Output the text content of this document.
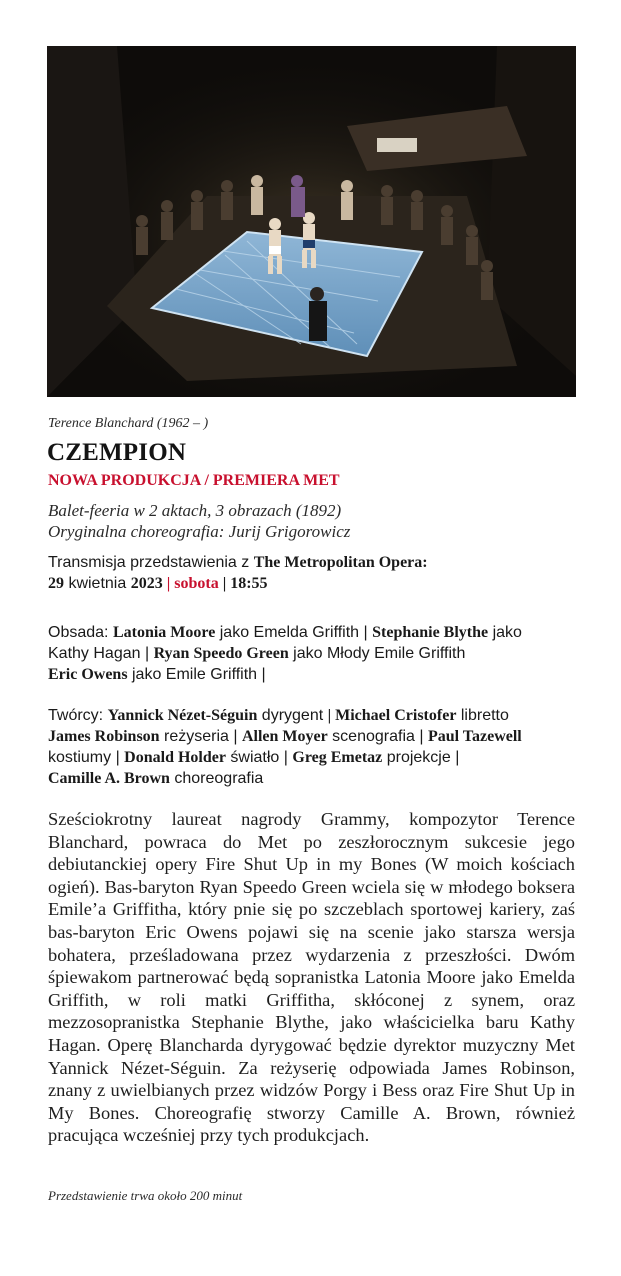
Terence Blanchard (1962 – )
CZEMPION
NOWA PRODUKCJA / PREMIERA MET
Balet-feeria w 2 aktach, 3 obrazach (1892)
Oryginalna choreografia: Jurij Grigorowicz
Transmisja przedstawienia z The Metropolitan Opera:
29 kwietnia 2023 | sobota | 18:55
Obsada: Latonia Moore jako Emelda Griffith | Stephanie Blythe jako
Kathy Hagan | Ryan Speedo Green jako Młody Emile Griffith
Eric Owens jako Emile Griffith |
Twórcy: Yannick Nézet-Séguin dyrygent | Michael Cristofer libretto
James Robinson reżyseria | Allen Moyer scenografia | Paul Tazewell
kostiumy | Donald Holder światło | Greg Emetaz projekcje |
Camille A. Brown choreografia
Sześciokrotny laureat nagrody Grammy, kompozytor Terence Blanchard, powraca do Met po zeszłorocznym sukcesie jego debiutanckiej opery Fire Shut Up in my Bones (W moich kościach ogień). Bas-baryton Ryan Speedo Green wciela się w młodego boksera Emile’a Griffitha, który pnie się po szczeblach sportowej kariery, zaś bas-baryton Eric Owens pojawi się na scenie jako starsza wersja bohatera, prześladowana przez wydarzenia z przeszłości. Dwóm śpiewakom partnerować będą sopranistka Latonia Moore jako Emelda Griffith, w roli matki Griffitha, skłóconej z synem, oraz mezzosopranistka Stephanie Blythe, jako właścicielka baru Kathy Hagan. Operę Blancharda dyrygować będzie dyrektor muzyczny Met Yannick Nézet-Séguin. Za reżyserię odpowiada James Robinson, znany z uwielbianych przez widzów Porgy i Bess oraz Fire Shut Up in My Bones. Choreografię stworzy Camille A. Brown, również pracująca wcześniej przy tych produkcjach.
Przedstawienie trwa około 200 minut
